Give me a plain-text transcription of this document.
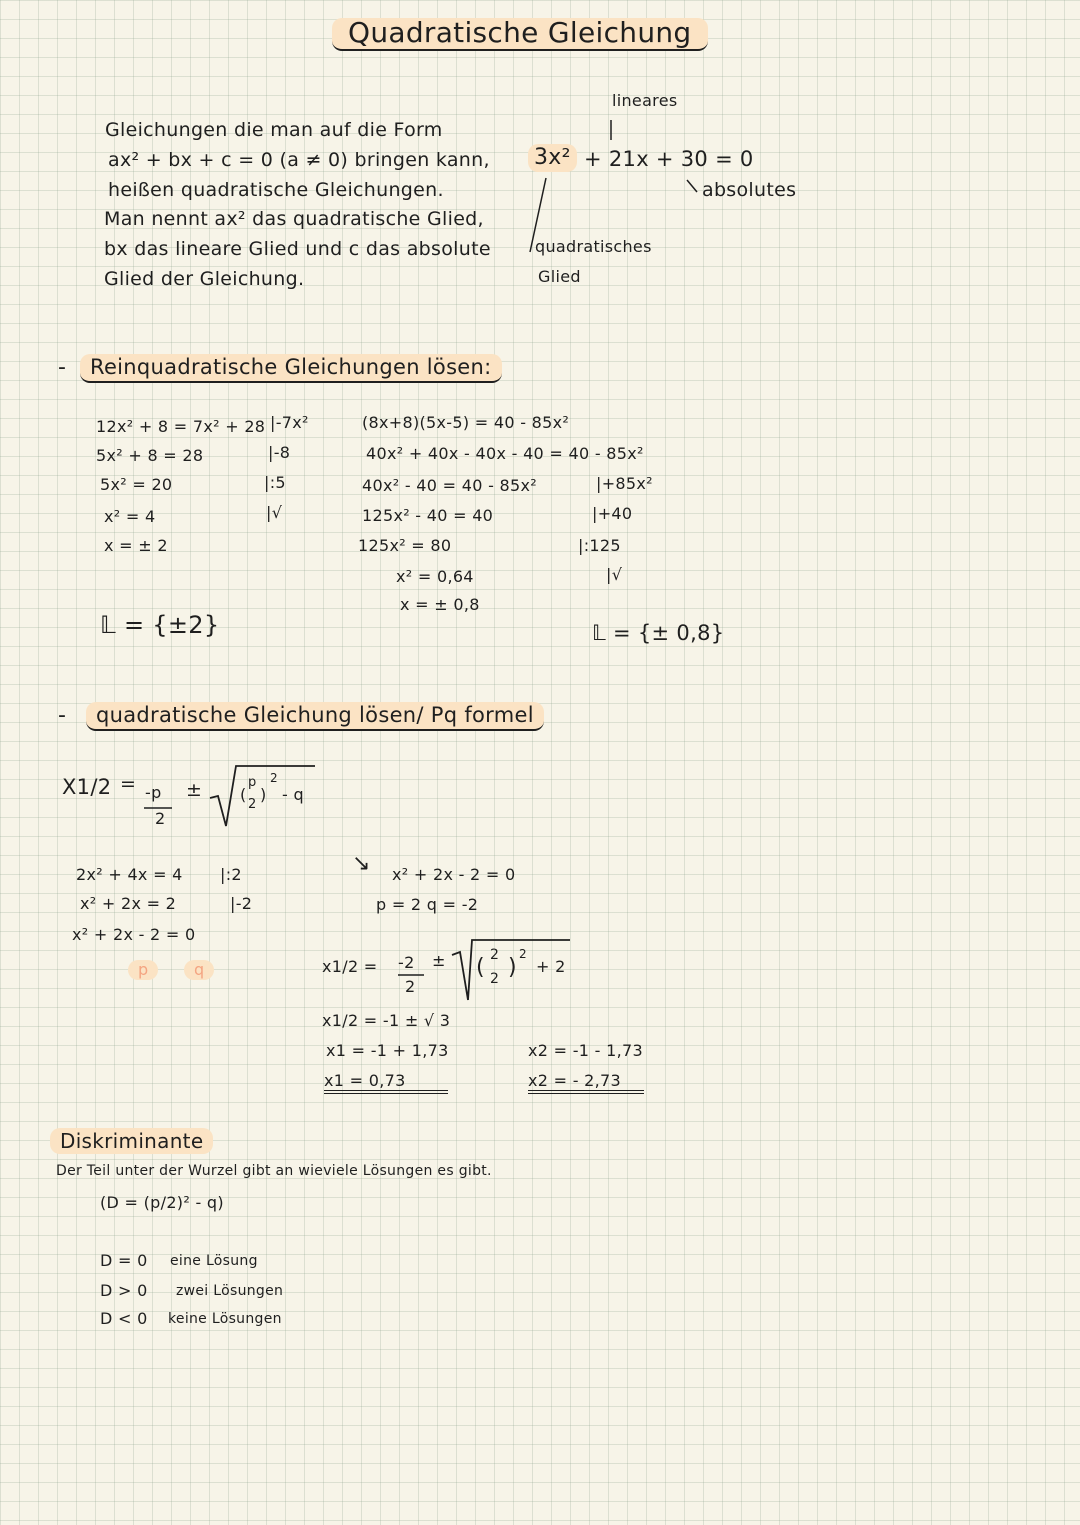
Quadratische Gleichung
Gleichungen die man auf die Form
ax² + bx + c = 0 (a ≠ 0) bringen kann,
heißen quadratische Gleichungen.
Man nennt ax² das quadratische Glied,
bx das lineare Glied und c das absolute
Glied der Gleichung.
lineares
3x² + 21x + 30 = 0
absolutes
quadratisches
Glied
-	Reinquadratische Gleichungen lösen:
12x² + 8 = 7x² + 28 |-7x²
5x² + 8 = 28	|-8
5x² = 20	|:5
x² = 4	|√
x = ± 2
𝕃 = {±2}
(8x+8)(5x-5) = 40 - 85x²
40x² + 40x - 40x - 40 = 40 - 85x²
40x² - 40 = 40 - 85x²	|+85x²
125x² - 40 = 40	|+40
125x² = 80	|:125
x² = 0,64	|√
x = ± 0,8
𝕃 = {± 0,8}
-	quadratische Gleichung lösen/ Pq formel
X1/2 = -p
2
± (
p
2
)
2
- q
2x² + 4x = 4 |:2
x² + 2x = 2	|-2
x² + 2x - 2 = 0
p	q
↘ x² + 2x - 2 = 0
p = 2 q = -2
x1/2 = -2
2
± ( 2
2 )
2
+ 2
x1/2 = -1 ± √ 3
x1 = -1 + 1,73
x1 = 0,73
x2 = -1 - 1,73
x2 = - 2,73
Diskriminante
Der Teil unter der Wurzel gibt an wieviele Lösungen es gibt.
(D = (p/2)² - q)
D = 0 eine Lösung
D > 0 zwei Lösungen
D < 0 keine Lösungen
